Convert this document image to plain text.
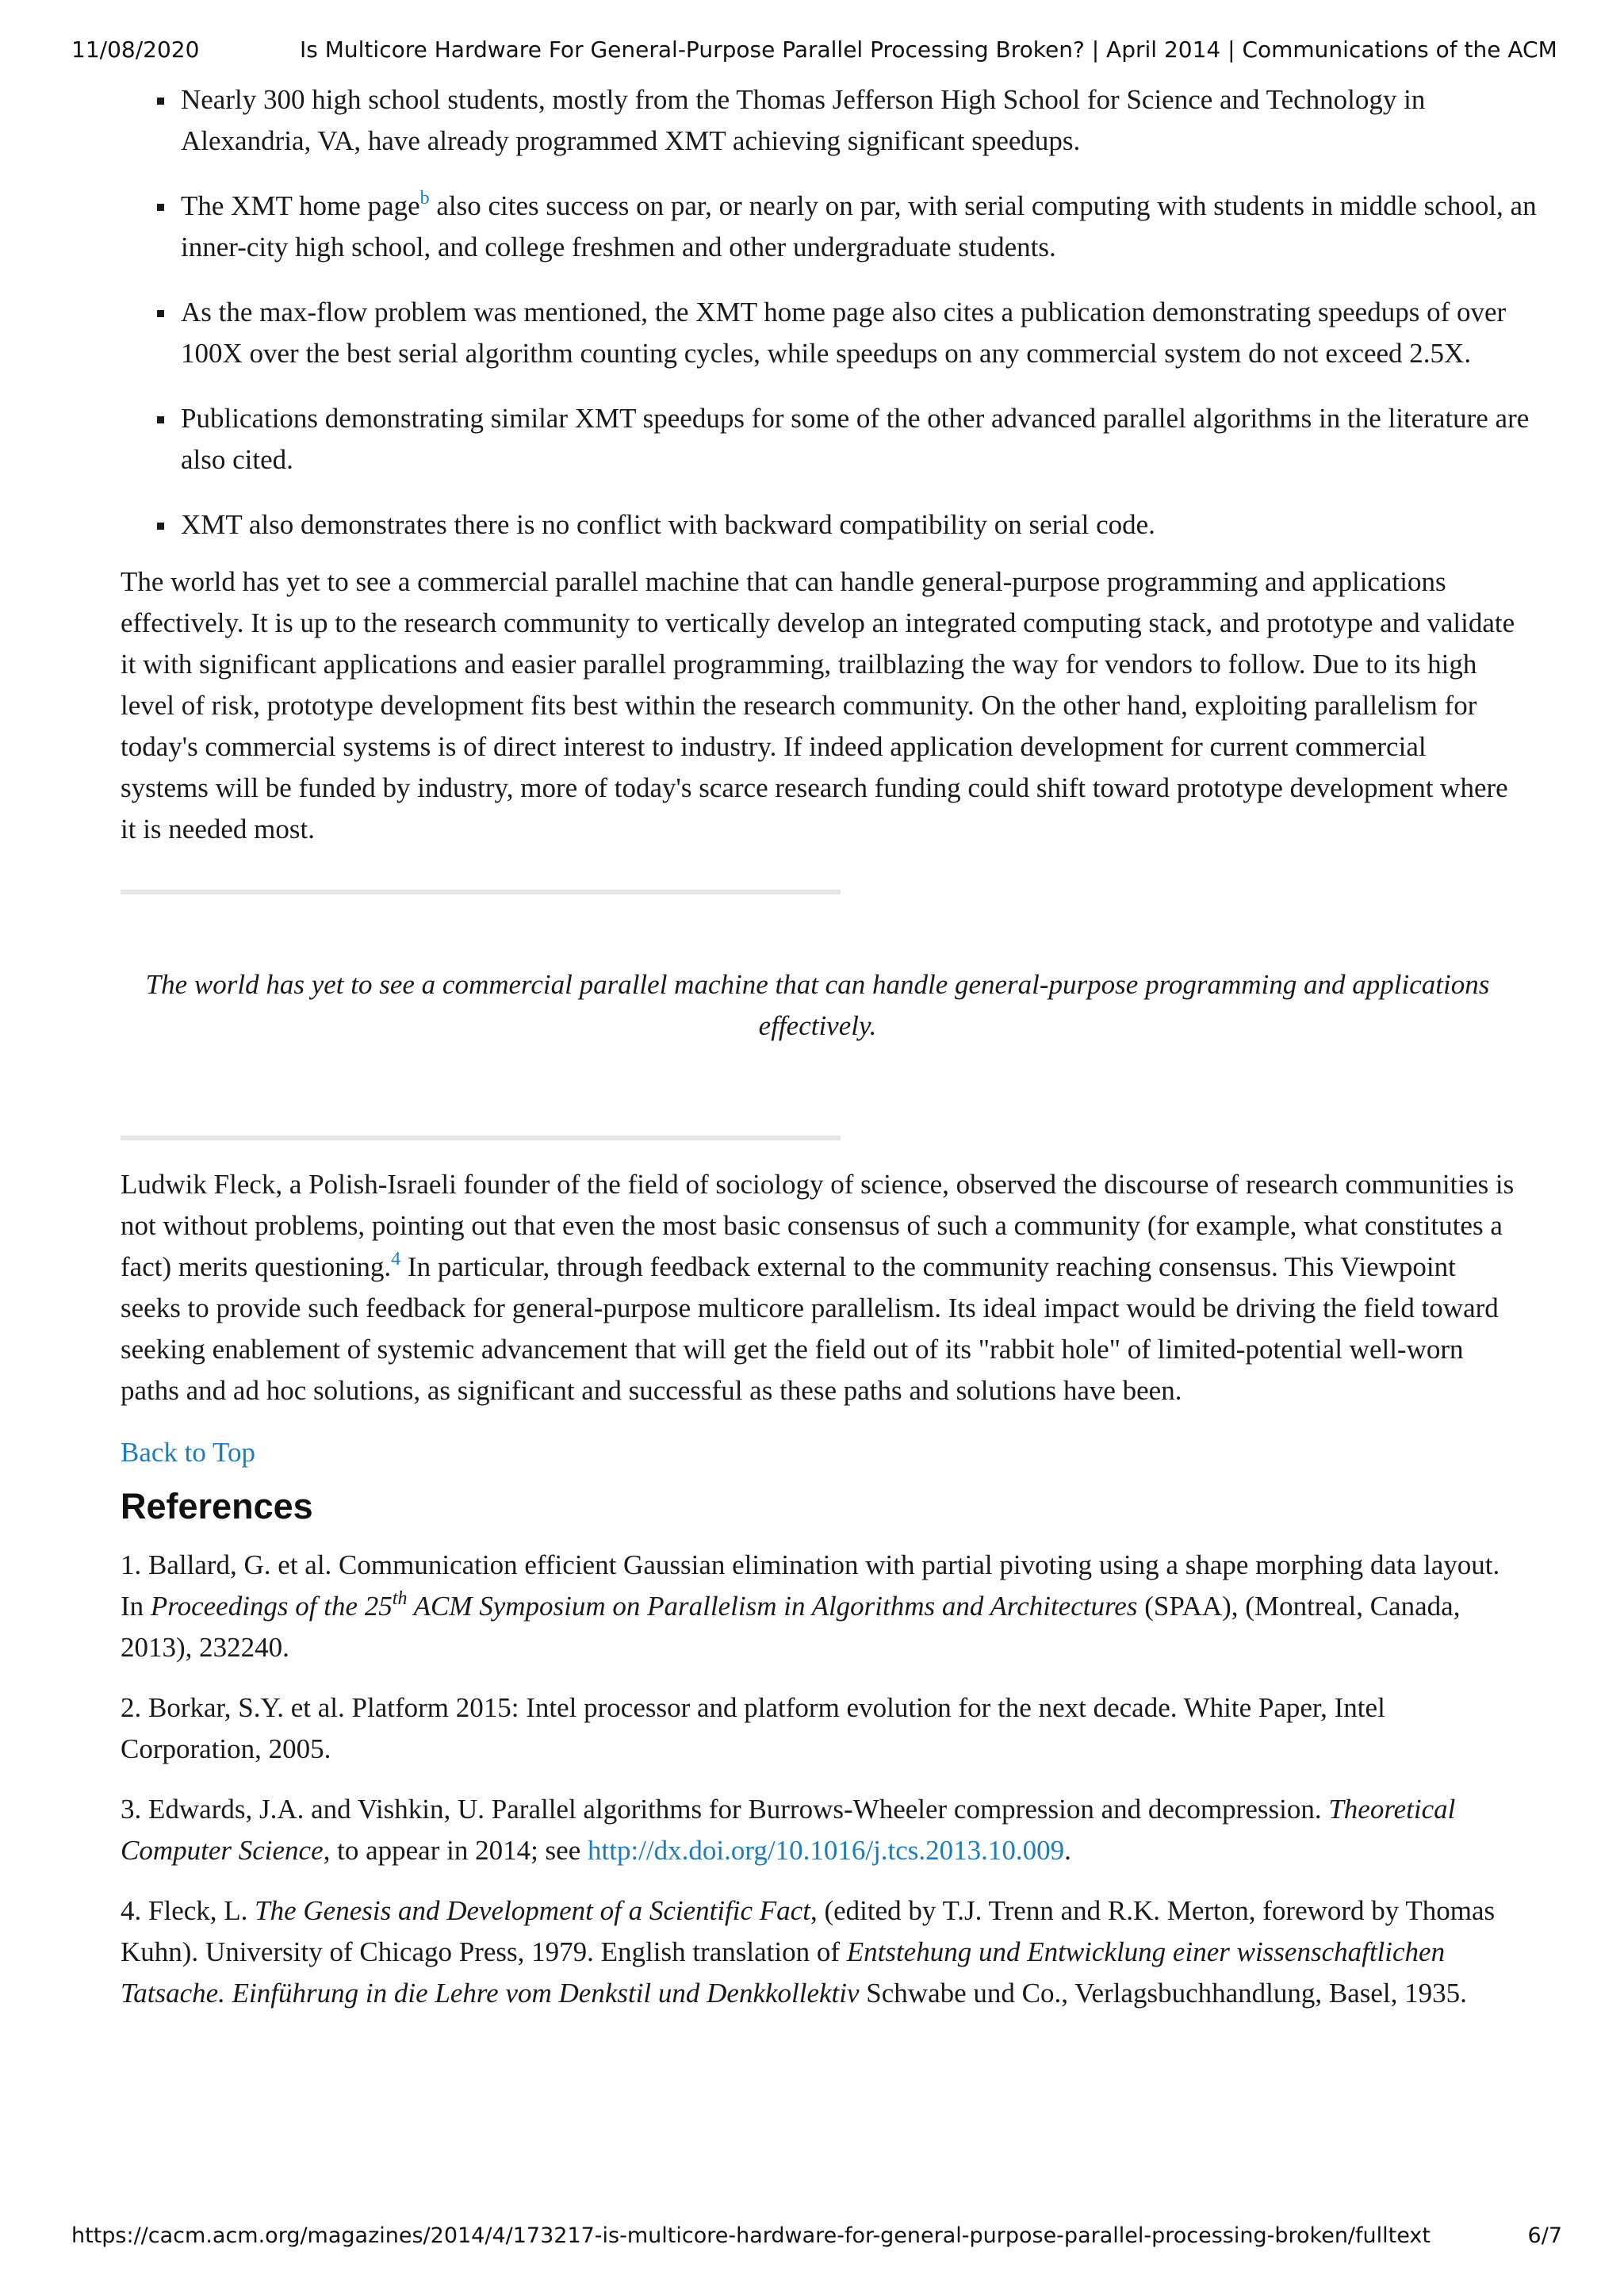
11/08/2020	Is Multicore Hardware For General-Purpose Parallel Processing Broken? | April 2014 | Communications of the ACM
Nearly 300 high school students, mostly from the Thomas Jefferson High School for Science and Technology in Alexandria, VA, have already programmed XMT achieving significant speedups.
The XMT home page$^b$ also cites success on par, or nearly on par, with serial computing with students in middle school, an inner-city high school, and college freshmen and other undergraduate students.
As the max-flow problem was mentioned, the XMT home page also cites a publication demonstrating speedups of over 100X over the best serial algorithm counting cycles, while speedups on any commercial system do not exceed 2.5X.
Publications demonstrating similar XMT speedups for some of the other advanced parallel algorithms in the literature are also cited.
XMT also demonstrates there is no conflict with backward compatibility on serial code.

The world has yet to see a commercial parallel machine that can handle general-purpose programming and applications effectively. It is up to the research community to vertically develop an integrated computing stack, and prototype and validate it with significant applications and easier parallel programming, trailblazing the way for vendors to follow. Due to its high level of risk, prototype development fits best within the research community. On the other hand, exploiting parallelism for today's commercial systems is of direct interest to industry. If indeed application development for current commercial systems will be funded by industry, more of today's scarce research funding could shift toward prototype development where it is needed most.

The world has yet to see a commercial parallel machine that can handle general-purpose programming and applications effectively.

Ludwik Fleck, a Polish-Israeli founder of the field of sociology of science, observed the discourse of research communities is not without problems, pointing out that even the most basic consensus of such a community (for example, what constitutes a fact) merits questioning.$^4$ In particular, through feedback external to the community reaching consensus. This Viewpoint seeks to provide such feedback for general-purpose multicore parallelism. Its ideal impact would be driving the field toward seeking enablement of systemic advancement that will get the field out of its "rabbit hole" of limited-potential well-worn paths and ad hoc solutions, as significant and successful as these paths and solutions have been.

Back to Top

References

1. Ballard, G. et al. Communication efficient Gaussian elimination with partial pivoting using a shape morphing data layout. In Proceedings of the 25th ACM Symposium on Parallelism in Algorithms and Architectures (SPAA), (Montreal, Canada, 2013), 232240.

2. Borkar, S.Y. et al. Platform 2015: Intel processor and platform evolution for the next decade. White Paper, Intel Corporation, 2005.

3. Edwards, J.A. and Vishkin, U. Parallel algorithms for Burrows-Wheeler compression and decompression. Theoretical Computer Science, to appear in 2014; see http://dx.doi.org/10.1016/j.tcs.2013.10.009.

4. Fleck, L. The Genesis and Development of a Scientific Fact, (edited by T.J. Trenn and R.K. Merton, foreword by Thomas Kuhn). University of Chicago Press, 1979. English translation of Entstehung und Entwicklung einer wissenschaftlichen Tatsache. Einführung in die Lehre vom Denkstil und Denkkollektiv Schwabe und Co., Verlagsbuchhandlung, Basel, 1935.

https://cacm.acm.org/magazines/2014/4/173217-is-multicore-hardware-for-general-purpose-parallel-processing-broken/fulltext	6/7
